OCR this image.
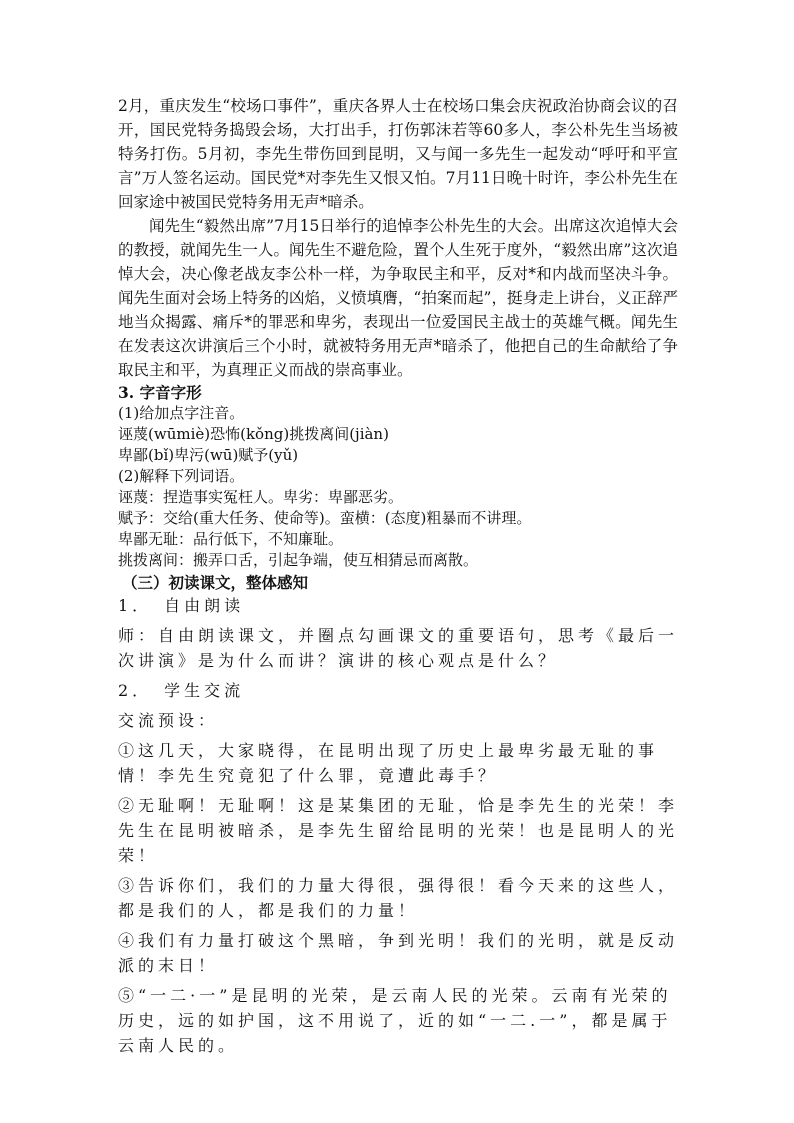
2月，重庆发生“校场口事件”，重庆各界人士在校场口集会庆祝政治协商会议的召开，国民党特务捣毁会场，大打出手，打伤郭沫若等60多人，李公朴先生当场被特务打伤。5月初，李先生带伤回到昆明，又与闻一多先生一起发动“呼吁和平宣言”万人签名运动。国民党*对李先生又恨又怕。7月11日晚十时许，李公朴先生在回家途中被国民党特务用无声*暗杀。

闻先生“毅然出席”7月15日举行的追悼李公朴先生的大会。出席这次追悼大会的教授，就闻先生一人。闻先生不避危险，置个人生死于度外，“毅然出席”这次追悼大会，决心像老战友李公朴一样，为争取民主和平，反对*和内战而坚决斗争。闻先生面对会场上特务的凶焰，义愤填膺，“拍案而起”，挺身走上讲台，义正辞严地当众揭露、痛斥*的罪恶和卑劣，表现出一位爱国民主战士的英雄气概。闻先生在发表这次讲演后三个小时，就被特务用无声*暗杀了，他把自己的生命献给了争取民主和平，为真理正义而战的崇高事业。

3. 字音字形

(1)给加点字注音。

诬蔑(wūmiè)恐怖(kǒng)挑拨离间(jiàn)

卑鄙(bǐ)卑污(wū)赋予(yǔ)

(2)解释下列词语。

诬蔑：捏造事实冤枉人。卑劣：卑鄙恶劣。

赋予：交给(重大任务、使命等)。蛮横：(态度)粗暴而不讲理。

卑鄙无耻：品行低下，不知廉耻。

挑拨离间：搬弄口舌，引起争端，使互相猜忌而离散。

（三）初读课文，整体感知

1．　自由朗读

师：自由朗读课文，并圈点勾画课文的重要语句，思考《最后一次讲演》是为什么而讲？演讲的核心观点是什么？

2．　学生交流

交流预设：

①这几天，大家晓得，在昆明出现了历史上最卑劣最无耻的事情！李先生究竟犯了什么罪，竟遭此毒手？

②无耻啊！无耻啊！这是某集团的无耻，恰是李先生的光荣！李先生在昆明被暗杀，是李先生留给昆明的光荣！也是昆明人的光荣！

③告诉你们，我们的力量大得很，强得很！看今天来的这些人，都是我们的人，都是我们的力量！

④我们有力量打破这个黑暗，争到光明！我们的光明，就是反动派的末日！

⑤“一二·一”是昆明的光荣，是云南人民的光荣。云南有光荣的历史，远的如护国，这不用说了，近的如“一二.一”，都是属于云南人民的。
